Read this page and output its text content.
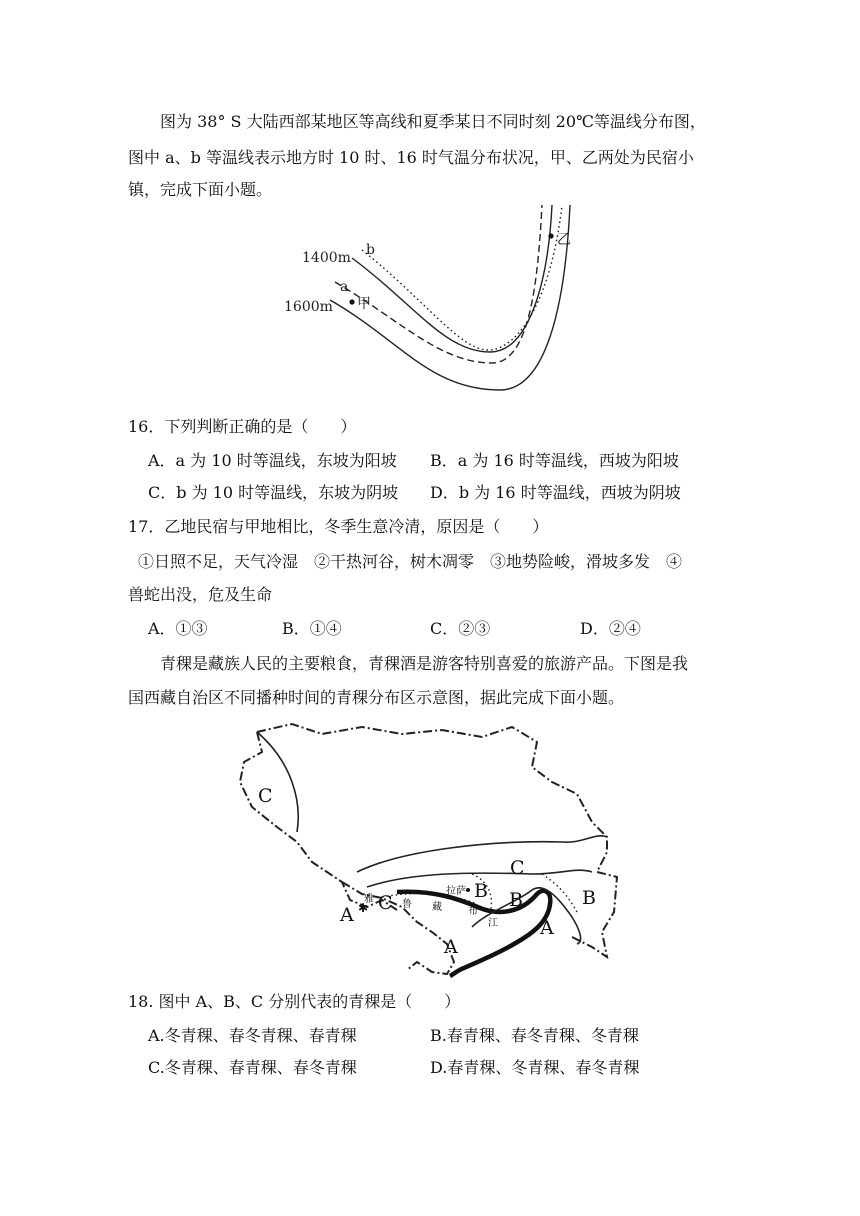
图为 38° S 大陆西部某地区等高线和夏季某日不同时刻 20℃等温线分布图，
图中 a、b 等温线表示地方时 10 时、16 时气温分布状况，甲、乙两处为民宿小
镇，完成下面小题。
1400m
1600m
b
a
甲
乙
16．下列判断正确的是（　　）
A．a 为 10 时等温线，东坡为阳坡 B．a 为 16 时等温线，西坡为阳坡
C．b 为 10 时等温线，东坡为阴坡 D．b 为 16 时等温线，西坡为阴坡
17．乙地民宿与甲地相比，冬季生意冷清，原因是（　　）
①日照不足，天气冷湿　②干热河谷，树木凋零　③地势险峻，滑坡多发　④
兽蛇出没，危及生命
A．①③	B．①④	C．②③	D．②④
青稞是藏族人民的主要粮食，青稞酒是游客特别喜爱的旅游产品。下图是我
国西藏自治区不同播种时间的青稞分布区示意图，据此完成下面小题。
C
C
C
B B	B
A
A
A
拉萨
雅	鲁 藏	布
江
✱
18. 图中 A、B、C 分别代表的青稞是（　　）
A.冬青稞、春冬青稞、春青稞	B.春青稞、春冬青稞、冬青稞
C.冬青稞、春青稞、春冬青稞	D.春青稞、冬青稞、春冬青稞
